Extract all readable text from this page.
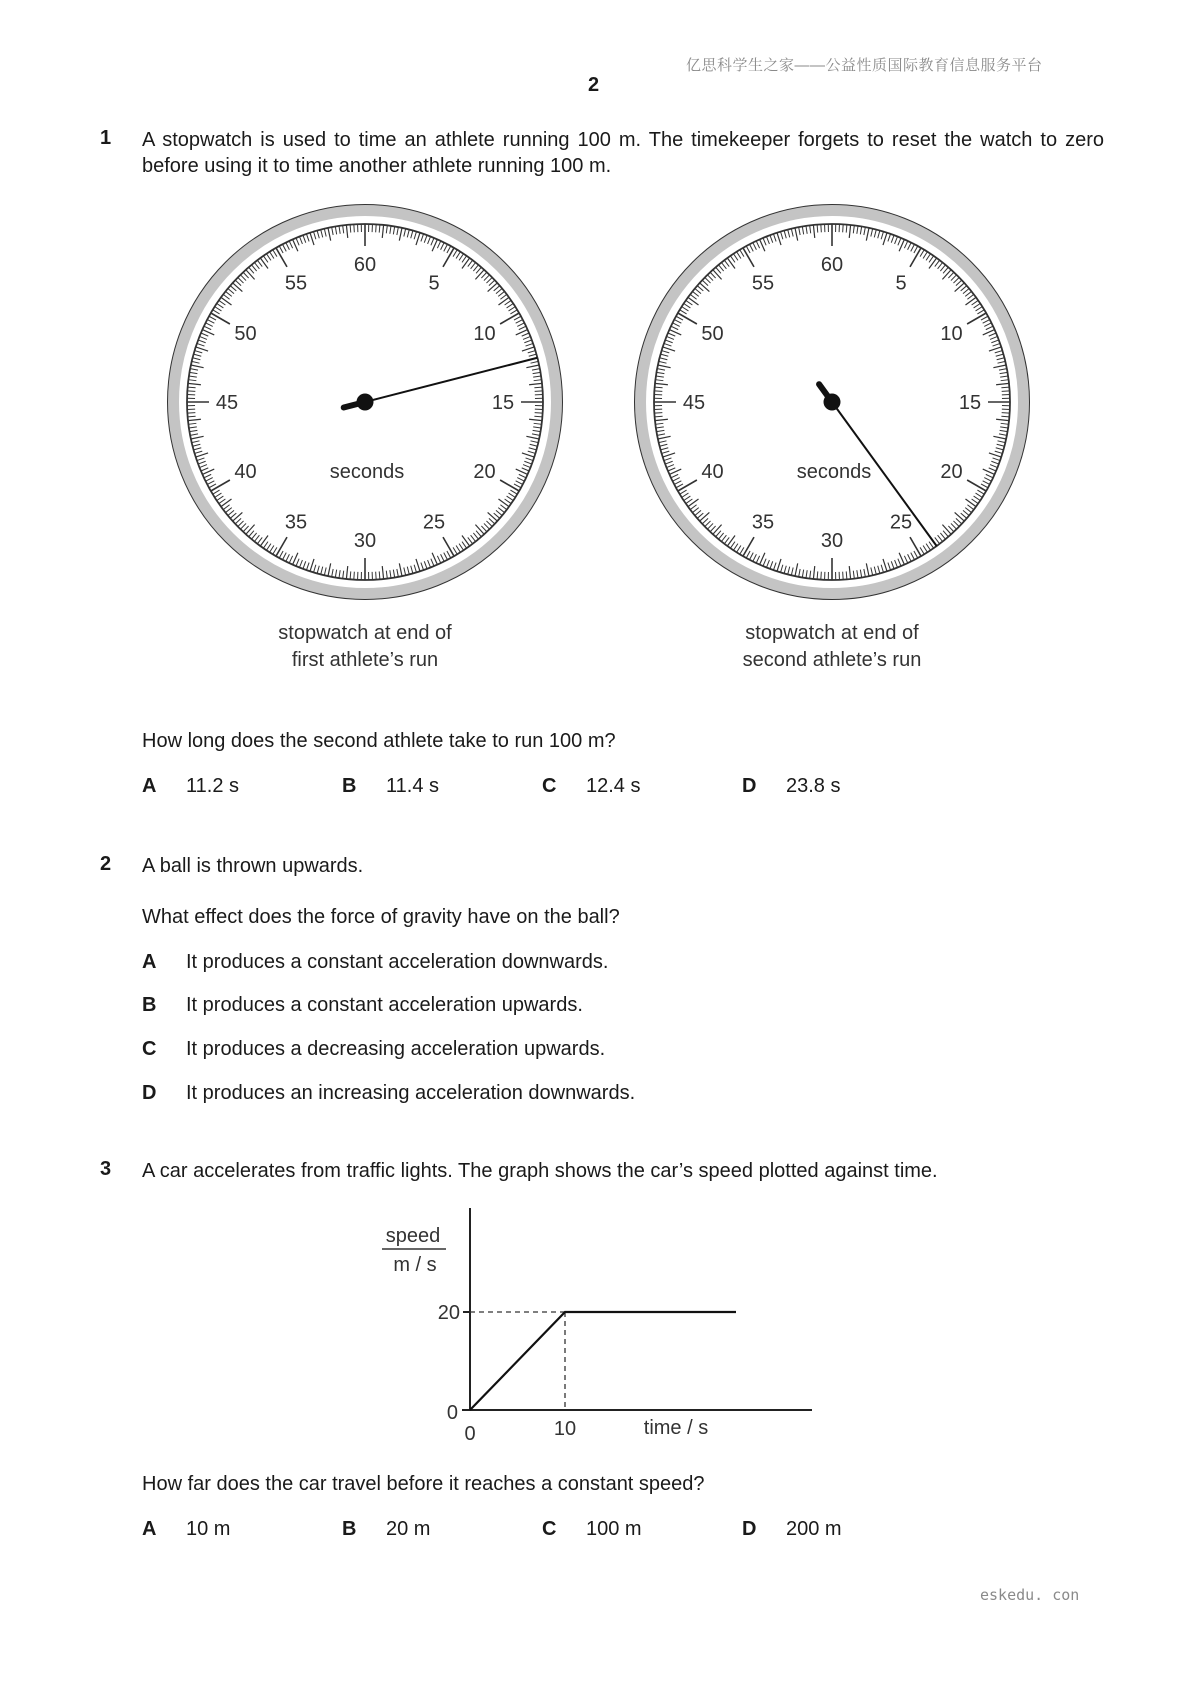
亿思科学生之家——公益性质国际教育信息服务平台
2
1 A stopwatch is used to time an athlete running 100 m. The timekeeper forgets to reset the watch to zero before using it to time another athlete running 100 m.
60
5
10
15
20
25
30
35
40
45
50
55
seconds
60
5
10
15
20
25
30
35
40
45
50
55
seconds
stopwatch at end of first athlete’s run
stopwatch at end of second athlete’s run
How long does the second athlete take to run 100 m?
A 11.2 s	B 11.4 s	C 12.4 s	D 23.8 s
2 A ball is thrown upwards.
What effect does the force of gravity have on the ball?
A It produces a constant acceleration downwards.
B It produces a constant acceleration upwards.
C It produces a decreasing acceleration upwards.
D It produces an increasing acceleration downwards.
3 A car accelerates from traffic lights. The graph shows the car’s speed plotted against time.
speed
m / s
time / s
0	10
0
20
How far does the car travel before it reaches a constant speed?
A 10 m	B 20 m	C 100 m	D 200 m
eskedu. con
